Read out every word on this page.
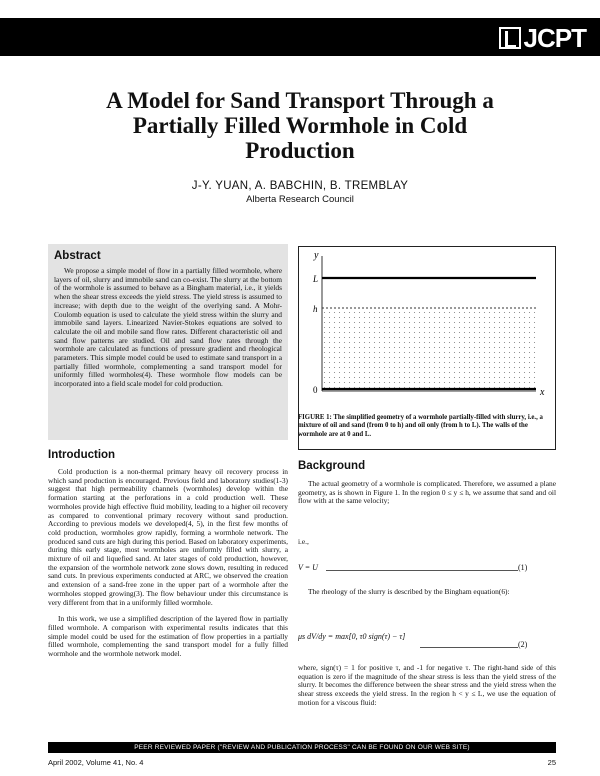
JCPT
A Model for Sand Transport Through a Partially Filled Wormhole in Cold Production
J-Y. YUAN, A. BABCHIN, B. TREMBLAY
Alberta Research Council
Abstract

We propose a simple model of flow in a partially filled wormhole, where layers of oil, slurry and immobile sand can co-exist. The slurry at the bottom of the wormhole is assumed to behave as a Bingham material, i.e., it yields when the shear stress exceeds the yield stress. The yield stress is assumed to increase; with depth due to the weight of the overlying sand. A Mohr-Coulomb equation is used to calculate the yield stress within the slurry and immobile sand layers. Linearized Navier-Stokes equations are solved to calculate the oil and mobile sand flow rates. Different characteristic oil and sand flow patterns are studied. Oil and sand flow rates through the wormhole are calculated as functions of pressure gradient and rheological parameters. This simple model could be used to estimate sand transport in a partially filled wormhole, complementing a sand transport model for uniformly filled wormholes(4). These wormhole flow models can be incorporated into a field scale model for cold production.

Introduction

Cold production is a non-thermal primary heavy oil recovery process in which sand production is encouraged. Previous field and laboratory studies(1-3) suggest that high permeability channels (wormholes) develop within the formation starting at the perforations in a cold production well. These wormholes provide high effective fluid mobility, leading to a higher oil recovery as compared to conventional primary recovery without sand production. According to previous models we developed(4, 5), in the first few months of cold production, wormholes grow rapidly, forming a wormhole network. The produced sand cuts are high during this period. Based on laboratory experiments, during this early stage, most wormholes are uniformly filled with slurry, a mixture of oil and liquefied sand. At later stages of cold production, however, the expansion of the wormhole network zone slows down, resulting in reduced sand cuts. In previous experiments conducted at ARC, we observed the creation and extension of a sand-free zone in the upper part of a wormhole after the wormholes stopped growing(3). The flow behaviour under this circumstance is very different from that in a uniformly filled wormhole.

In this work, we use a simplified description of the layered flow in partially filled wormhole. A comparison with experimental results indicates that this simple model could be used for the estimation of flow properties in a partially filled wormhole, complementing the sand transport model for a fully filled wormhole and the wormhole network model.

y
x
L
h
0
FIGURE 1: The simplified geometry of a wormhole partially-filled with slurry, i.e., a mixture of oil and sand (from 0 to h) and oil only (from h to L). The walls of the wormhole are at 0 and L.
Background

The actual geometry of a wormhole is complicated. Therefore, we assumed a plane geometry, as is shown in Figure 1. In the region 0 ≤ y ≤ h, we assume that sand and oil flow with at the same velocity;

i.e.,
V = U	(1)

The rheology of the slurry is described by the Bingham equation(6):

μs dV/dy = max[0, τ0 sign(τ) − τ]
(2)

where, sign(τ) = 1 for positive τ, and -1 for negative τ. The right-hand side of this equation is zero if the magnitude of the shear stress is less than the yield stress of the slurry. It becomes the difference between the shear stress and the yield stress when the shear stress exceeds the yield stress. In the region h < y ≤ L, we use the equation of motion for a viscous fluid:

PEER REVIEWED PAPER ("REVIEW AND PUBLICATION PROCESS" CAN BE FOUND ON OUR WEB SITE)
April 2002, Volume 41, No. 4	25
